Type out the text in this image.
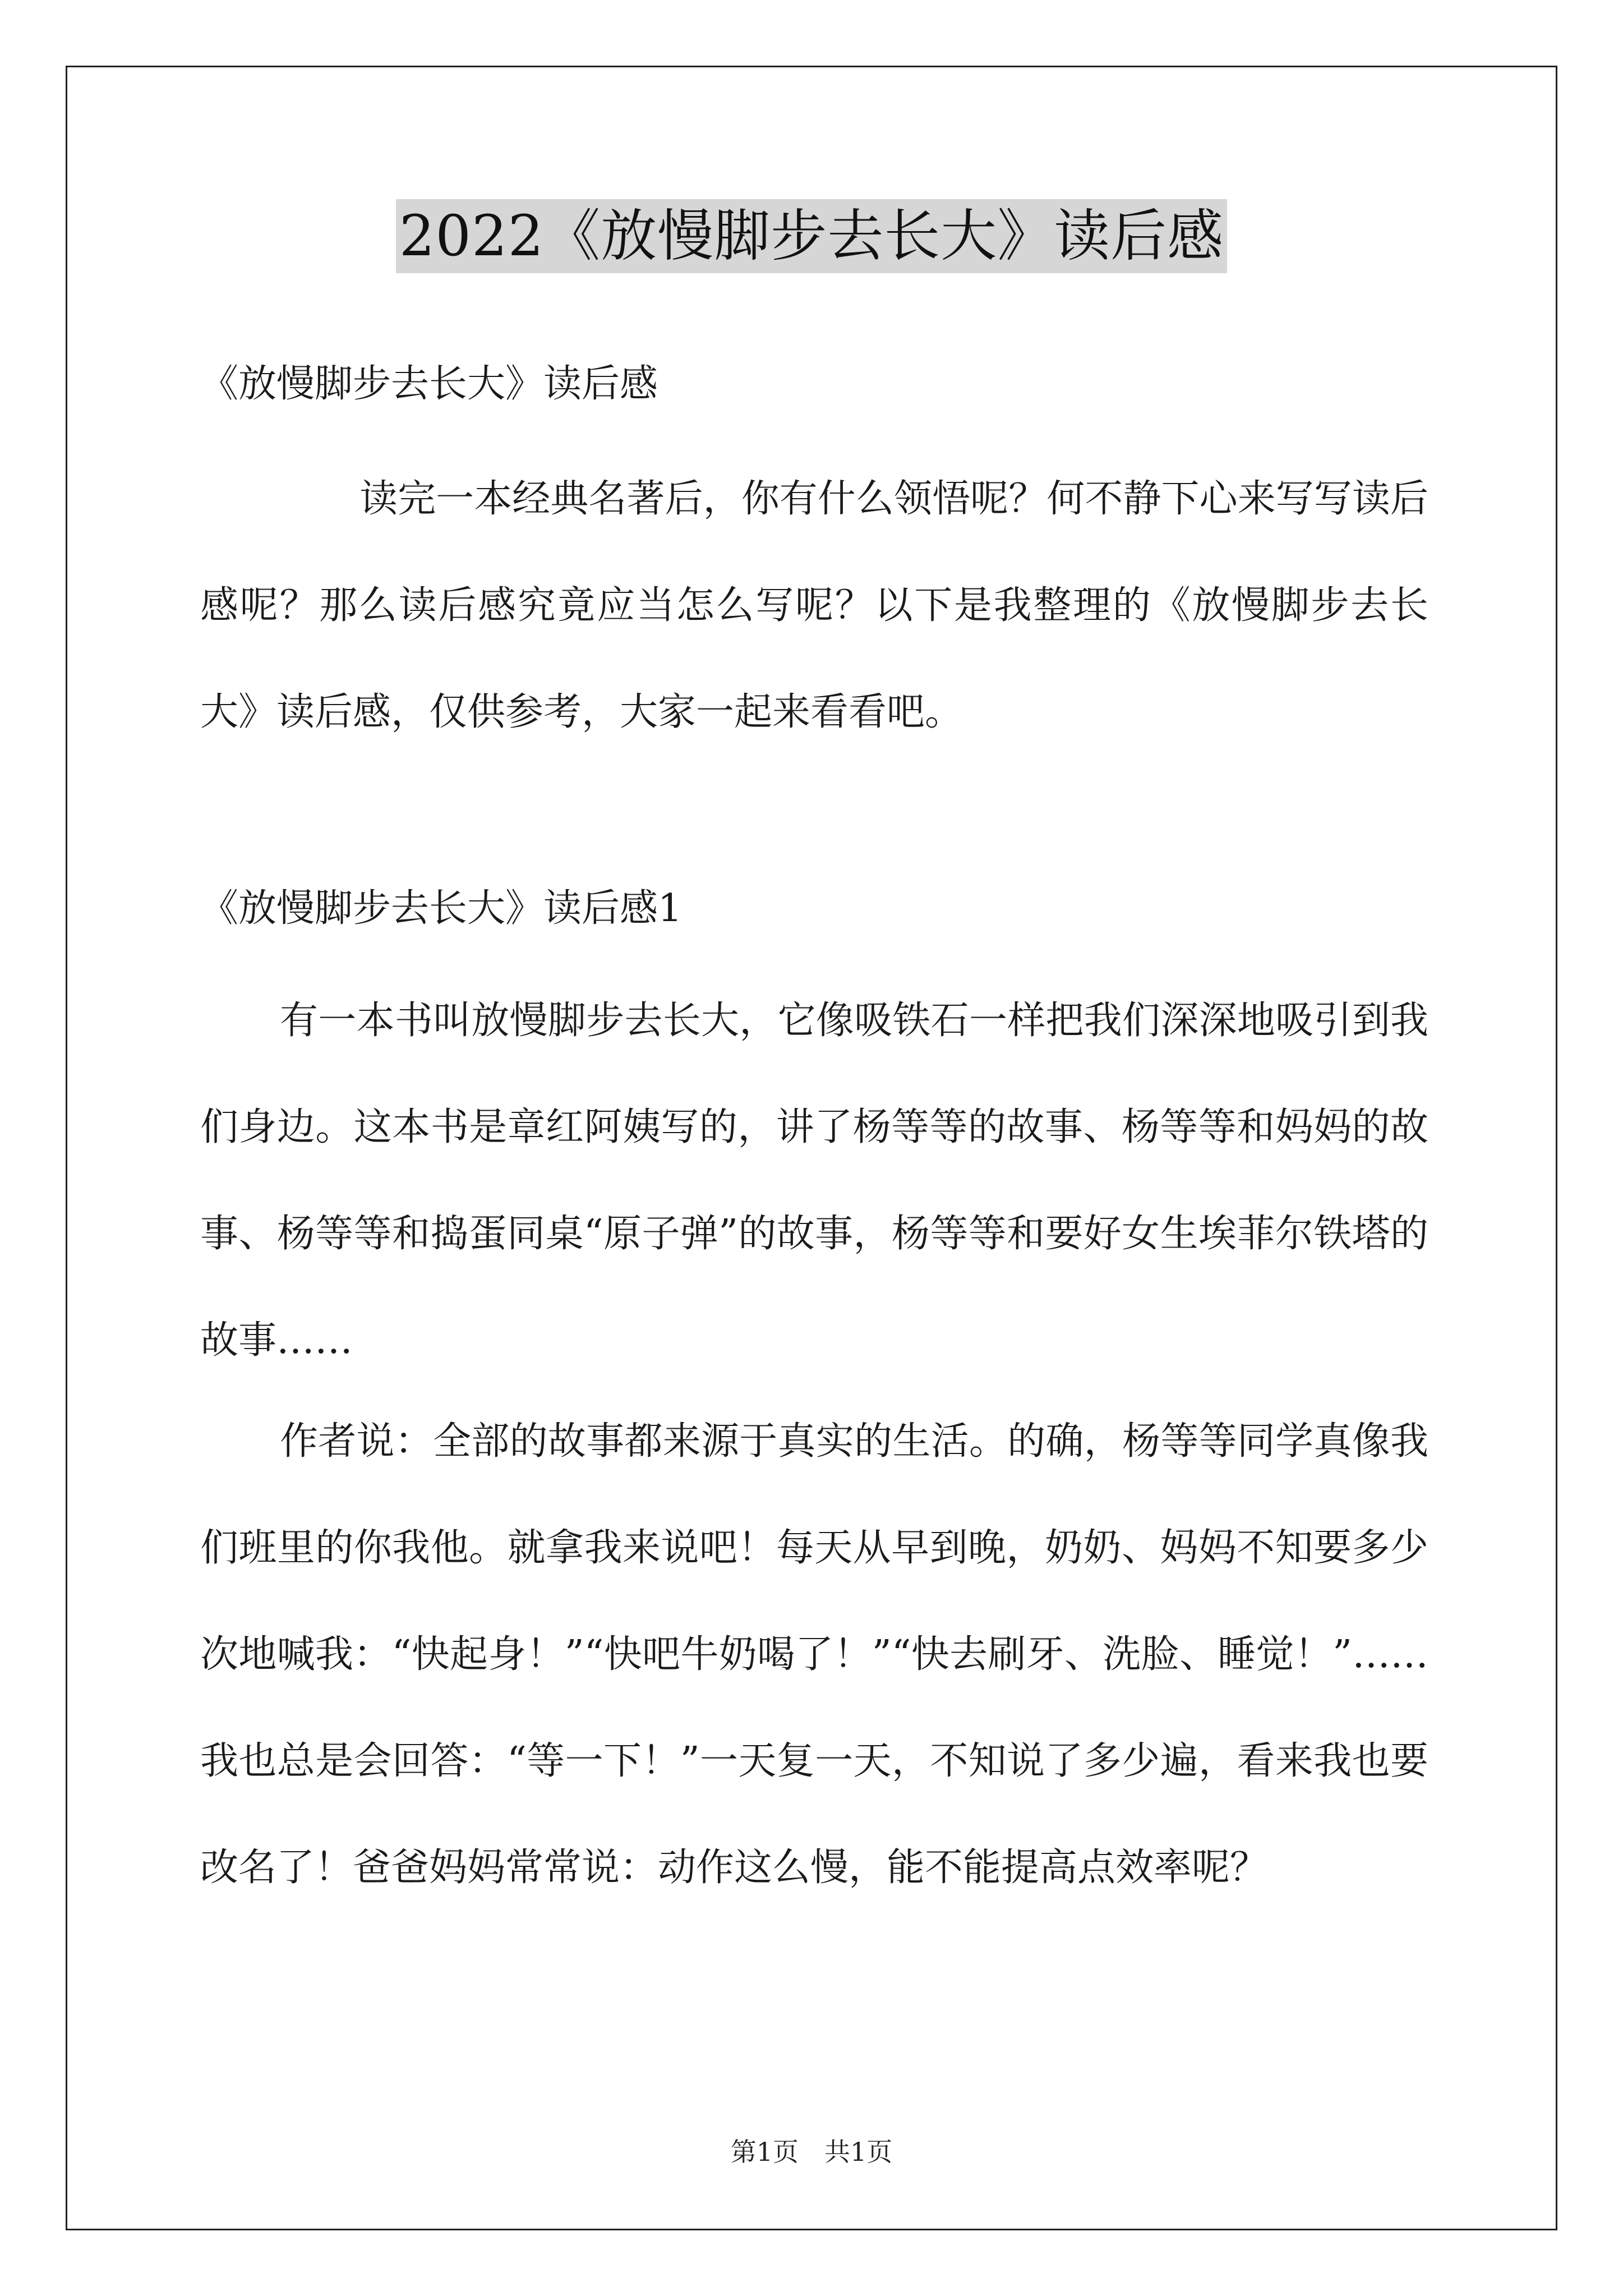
2022《放慢脚步去长大》读后感

《放慢脚步去长大》读后感

读完一本经典名著后，你有什么领悟呢？何不静下心来写写读后感呢？那么读后感究竟应当怎么写呢？以下是我整理的《放慢脚步去长大》读后感，仅供参考，大家一起来看看吧。

《放慢脚步去长大》读后感1

有一本书叫放慢脚步去长大，它像吸铁石一样把我们深深地吸引到我们身边。这本书是章红阿姨写的，讲了杨等等的故事、杨等等和妈妈的故事、杨等等和捣蛋同桌“原子弹”的故事，杨等等和要好女生埃菲尔铁塔的故事……

作者说：全部的故事都来源于真实的生活。的确，杨等等同学真像我们班里的你我他。就拿我来说吧！每天从早到晚，奶奶、妈妈不知要多少次地喊我：“快起身！”“快吧牛奶喝了！”“快去刷牙、洗脸、睡觉！”……我也总是会回答：“等一下！”一天复一天，不知说了多少遍，看来我也要改名了！爸爸妈妈常常说：动作这么慢，能不能提高点效率呢？

第1页　共1页
